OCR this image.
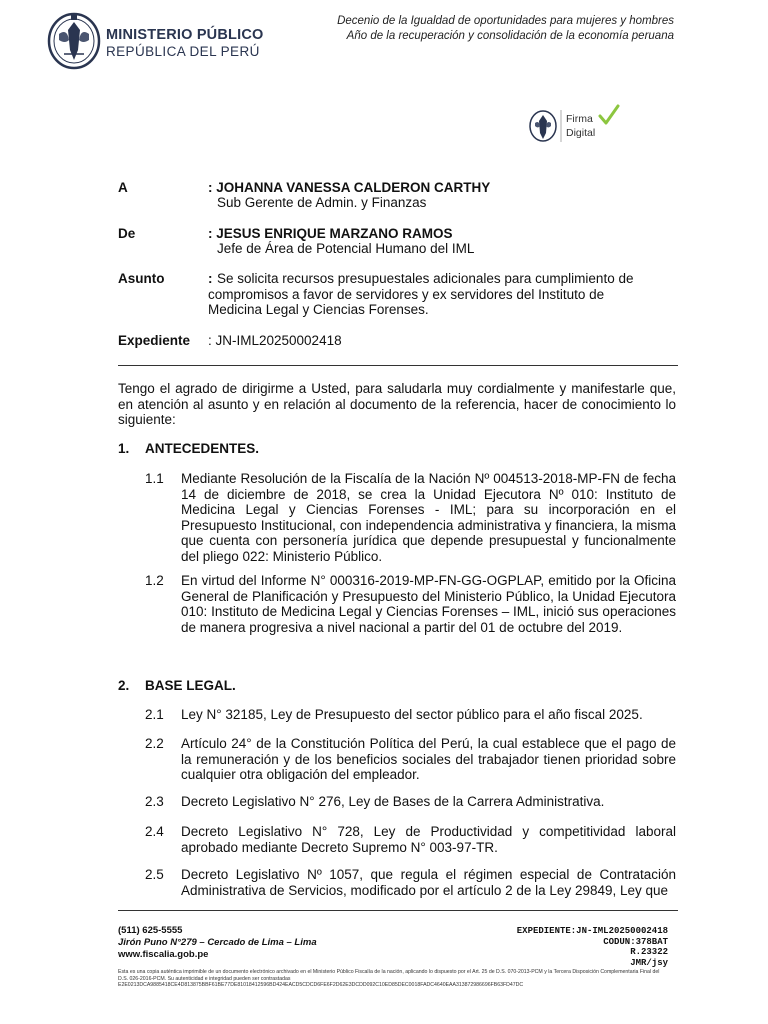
MINISTERIO PÚBLICO
REPÚBLICA DEL PERÚ
Decenio de la Igualdad de oportunidades para mujeres y hombres
Año de la recuperación y consolidación de la economía peruana
Firma
Digital
A	: JOHANNA VANESSA CALDERON CARTHY
Sub Gerente de Admin. y Finanzas
De	: JESUS ENRIQUE MARZANO RAMOS
Jefe de Área de Potencial Humano del IML
Asunto	: Se solicita recursos presupuestales adicionales para cumplimiento de
compromisos a favor de servidores y ex servidores del Instituto de
Medicina Legal y Ciencias Forenses.
Expediente : JN-IML20250002418
Tengo el agrado de dirigirme a Usted, para saludarla muy cordialmente y manifestarle que, en atención al asunto y en relación al documento de la referencia, hacer de conocimiento lo siguiente:
1. ANTECEDENTES.
1.1 Mediante Resolución de la Fiscalía de la Nación Nº 004513-2018-MP-FN de fecha 14 de diciembre de 2018, se crea la Unidad Ejecutora Nº 010: Instituto de Medicina Legal y Ciencias Forenses - IML; para su incorporación en el Presupuesto Institucional, con independencia administrativa y financiera, la misma que cuenta con personería jurídica que depende presupuestal y funcionalmente del pliego 022: Ministerio Público.
1.2 En virtud del Informe N° 000316-2019-MP-FN-GG-OGPLAP, emitido por la Oficina General de Planificación y Presupuesto del Ministerio Público, la Unidad Ejecutora 010: Instituto de Medicina Legal y Ciencias Forenses – IML, inició sus operaciones de manera progresiva a nivel nacional a partir del 01 de octubre del 2019.
2. BASE LEGAL.
2.1 Ley N° 32185, Ley de Presupuesto del sector público para el año fiscal 2025.
2.2 Artículo 24° de la Constitución Política del Perú, la cual establece que el pago de la remuneración y de los beneficios sociales del trabajador tienen prioridad sobre cualquier otra obligación del empleador.
2.3 Decreto Legislativo N° 276, Ley de Bases de la Carrera Administrativa.
2.4 Decreto Legislativo N° 728, Ley de Productividad y competitividad laboral aprobado mediante Decreto Supremo N° 003-97-TR.
2.5 Decreto Legislativo Nº 1057, que regula el régimen especial de Contratación Administrativa de Servicios, modificado por el artículo 2 de la Ley 29849, Ley que
(511) 625-5555
Jirón Puno N°279 – Cercado de Lima – Lima
www.fiscalia.gob.pe
EXPEDIENTE:JN-IML20250002418
CODUN:378BAT
R.23322
JMR/jsy
Esta es una copia auténtica imprimible de un documento electrónico archivado en el Ministerio Público Fiscalía de la nación, aplicando lo dispuesto por el Art. 25 de D.S. 070-2013-PCM y la Tercera Disposición Complementaria Final del
D.S. 026-2016-PCM. Su autenticidad e integridad pueden ser contrastadas
E2E0213DCA9885418CE4D813875BBF61BE77DE81018412596BD424EACD5CDCD6FE6F2D62E3DCDD092C10ED85DEC0018FADC4640EAA313872986696FB63FD47DC
